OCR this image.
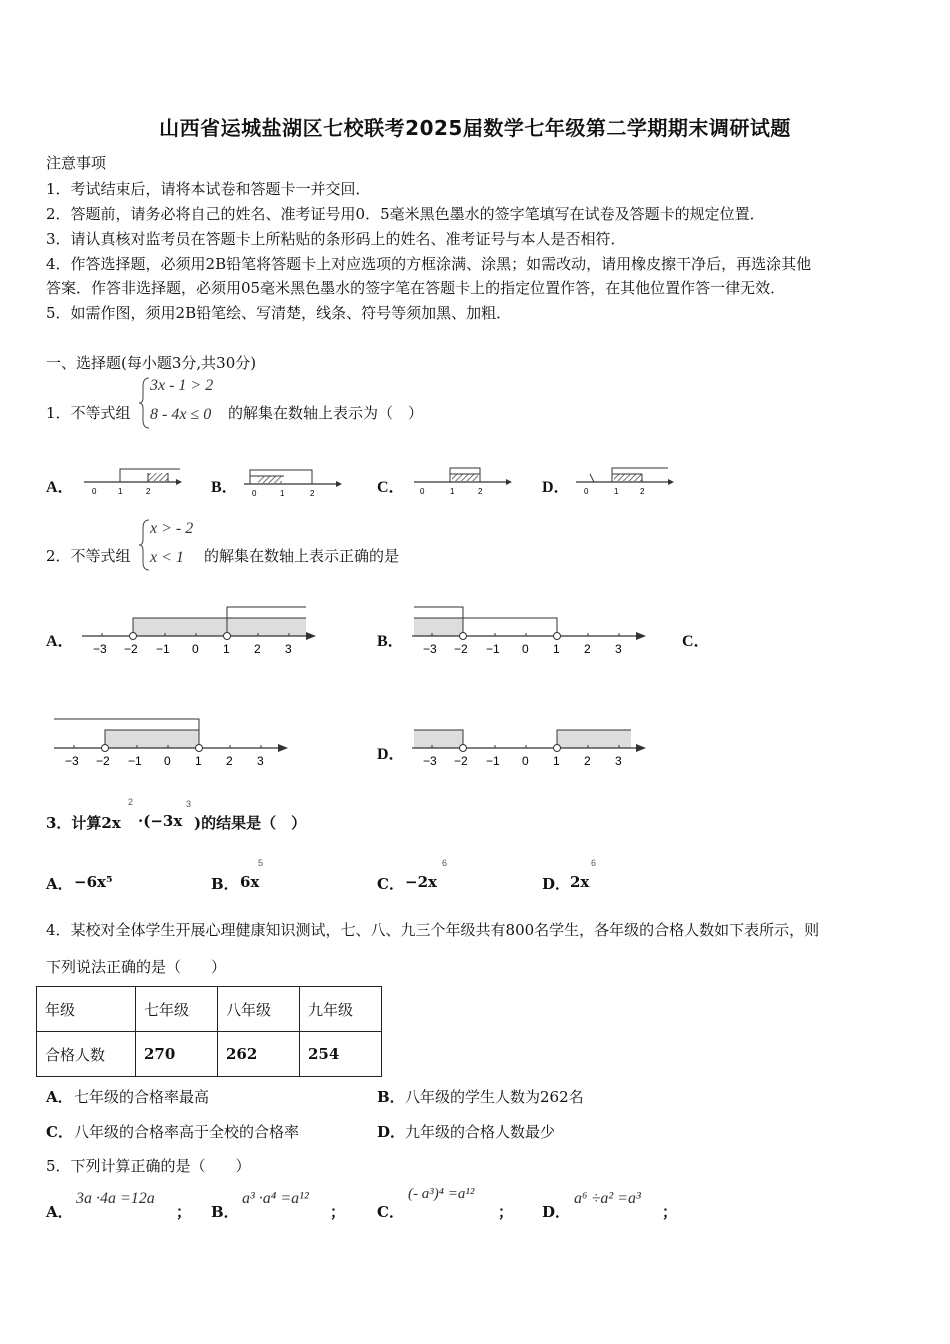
山西省运城盐湖区七校联考2025届数学七年级第二学期期末调研试题
注意事项
1．考试结束后，请将本试卷和答题卡一并交回．
2．答题前，请务必将自己的姓名、准考证号用0．5毫米黑色墨水的签字笔填写在试卷及答题卡的规定位置．
3．请认真核对监考员在答题卡上所粘贴的条形码上的姓名、准考证号与本人是否相符．
4．作答选择题，必须用2B铅笔将答题卡上对应选项的方框涂满、涂黑；如需改动，请用橡皮擦干净后，再选涂其他
答案．作答非选择题，必须用05毫米黑色墨水的签字笔在答题卡上的指定位置作答，在其他位置作答一律无效．
5．如需作图，须用2B铅笔绘、写清楚，线条、符号等须加黑、加粗．
一、选择题(每小题3分,共30分)
1．不等式组
3x - 1 > 2
8 - 4x ≤ 0 的解集在数轴上表示为（　）
A．	B．	C．	D．
0	1	2	0	1	2	0	1	2	0	1	2
2．不等式组
x > - 2
x < 1 的解集在数轴上表示正确的是
A．	B．	C．
D．
−3 −2 −1 0 1 2 3	−3 −2 −1 0 1 2 3
−3 −2 −1 0 1 2 3	−3 −2 −1 0 1 2 3
3．计算2x
2
·(−3x
3
)的结果是（　）
A． −6x⁵	B． 6x
5
C． −2x
6
D． 2x
6
4．某校对全体学生开展心理健康知识测试，七、八、九三个年级共有800名学生，各年级的合格人数如下表所示，则
下列说法正确的是（　　）
年级	七年级	八年级	九年级
合格人数	270	262	254
A． 七年级的合格率最高	B． 八年级的学生人数为262名
C． 八年级的合格率高于全校的合格率	D． 九年级的合格人数最少
5．下列计算正确的是（　　）
A．
3a ·4a =12a
； B．
a³ ·a⁴ =a¹²
； C．
(- a³)⁴ =a¹²
； D．
a⁶ ÷a² =a³
；
